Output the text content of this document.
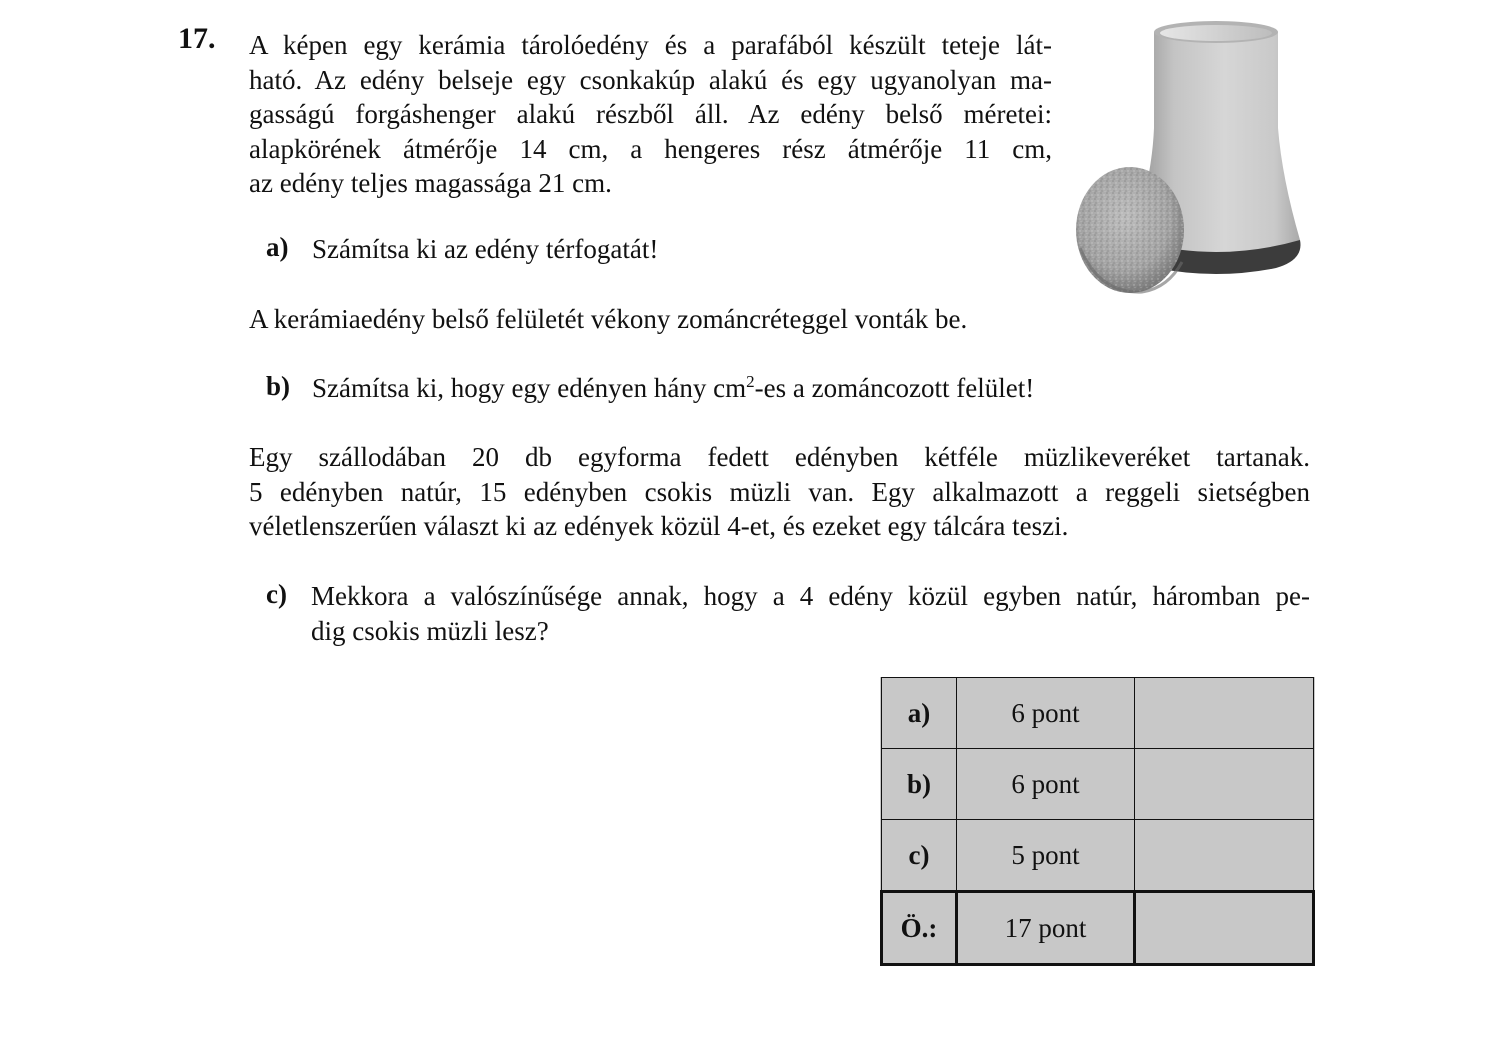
17. A képen egy kerámia tárolóedény és a parafából készült teteje lát-
ható. Az edény belseje egy csonkakúp alakú és egy ugyanolyan ma-
gasságú forgáshenger alakú részből áll. Az edény belső méretei:
alapkörének átmérője 14 cm, a hengeres rész átmérője 11 cm,
az edény teljes magassága 21 cm.
a) Számítsa ki az edény térfogatát!
A kerámiaedény belső felületét vékony zománcréteggel vonták be.
b) Számítsa ki, hogy egy edényen hány $cm^2-es$ a zománcozott felület!
Egy szállodában 20 db egyforma fedett edényben kétféle müzlikeveréket tartanak.
5 edényben natúr, 15 edényben csokis müzli van. Egy alkalmazott a reggeli sietségben
véletlenszerűen választ ki az edények közül 4-et, és ezeket egy tálcára teszi.
c) Mekkora a valószínűsége annak, hogy a 4 edény közül egyben natúr, háromban pe-
dig csokis müzli lesz?
a)	6 pont	
b)	6 pont	
c)	5 pont	
Ö.:	17 pont	
